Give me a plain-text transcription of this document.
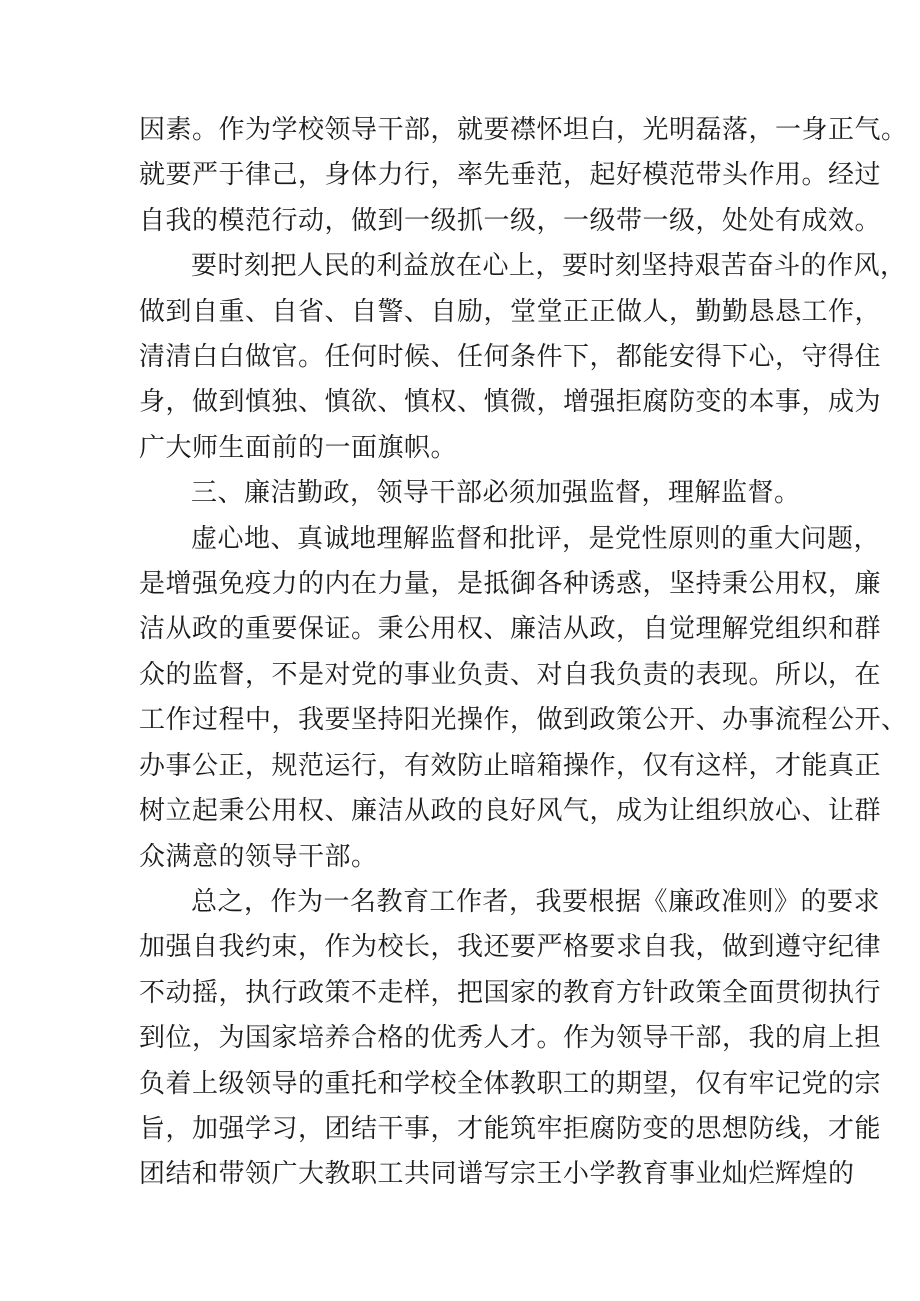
因素。作为学校领导干部，就要襟怀坦白，光明磊落，一身正气。
就要严于律己，身体力行，率先垂范，起好模范带头作用。经过
自我的模范行动，做到一级抓一级，一级带一级，处处有成效。
要时刻把人民的利益放在心上，要时刻坚持艰苦奋斗的作风，
做到自重、自省、自警、自励，堂堂正正做人，勤勤恳恳工作，
清清白白做官。任何时候、任何条件下，都能安得下心，守得住
身，做到慎独、慎欲、慎权、慎微，增强拒腐防变的本事，成为
广大师生面前的一面旗帜。
三、廉洁勤政，领导干部必须加强监督，理解监督。
虚心地、真诚地理解监督和批评，是党性原则的重大问题，
是增强免疫力的内在力量，是抵御各种诱惑，坚持秉公用权，廉
洁从政的重要保证。秉公用权、廉洁从政，自觉理解党组织和群
众的监督，不是对党的事业负责、对自我负责的表现。所以，在
工作过程中，我要坚持阳光操作，做到政策公开、办事流程公开、
办事公正，规范运行，有效防止暗箱操作，仅有这样，才能真正
树立起秉公用权、廉洁从政的良好风气，成为让组织放心、让群
众满意的领导干部。
总之，作为一名教育工作者，我要根据《廉政准则》的要求
加强自我约束，作为校长，我还要严格要求自我，做到遵守纪律
不动摇，执行政策不走样，把国家的教育方针政策全面贯彻执行
到位，为国家培养合格的优秀人才。作为领导干部，我的肩上担
负着上级领导的重托和学校全体教职工的期望，仅有牢记党的宗
旨，加强学习，团结干事，才能筑牢拒腐防变的思想防线，才能
团结和带领广大教职工共同谱写宗王小学教育事业灿烂辉煌的
